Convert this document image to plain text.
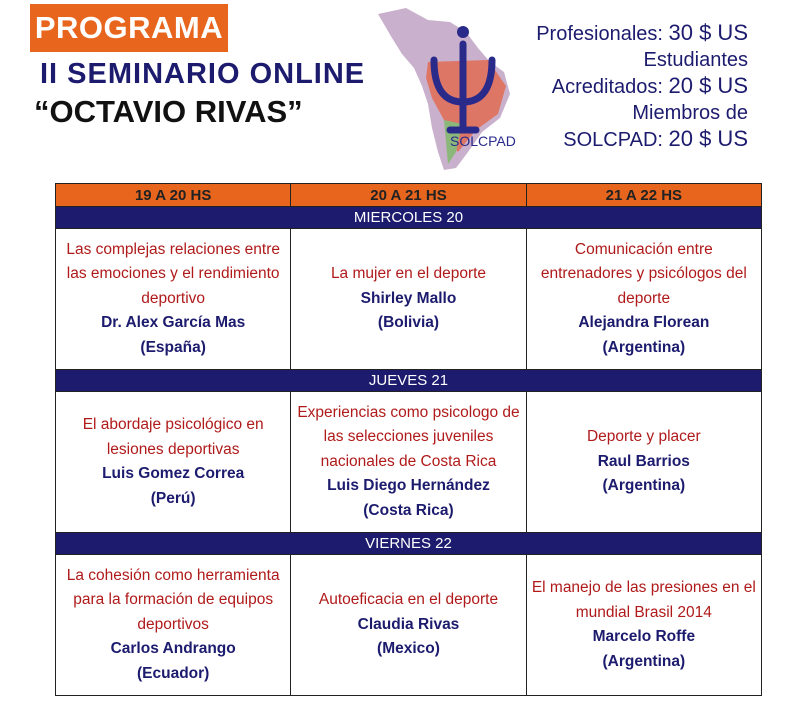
PROGRAMA
II SEMINARIO ONLINE
“OCTAVIO RIVAS”
SOLCPAD
Profesionales: 30 $ US
Estudiantes
Acreditados: 20 $ US
Miembros de
SOLCPAD: 20 $ US
19 A 20 HS	20 A 21 HS	21 A 22 HS
MIERCOLES 20		

Las complejas relaciones entre las emociones y el rendimiento deportivo
Dr. Alex García Mas
(España)	La mujer en el deporte
Shirley Mallo
(Bolivia)	Comunicación entre entrenadores y psicólogos del deporte
Alejandra Florean
(Argentina)

JUEVES 21		

El abordaje psicológico en lesiones deportivas
Luis Gomez Correa
(Perú)	Experiencias como psicologo de las selecciones juveniles nacionales de Costa Rica
Luis Diego Hernández
(Costa Rica)	Deporte y placer
Raul Barrios
(Argentina)

VIERNES 22		

La cohesión como herramienta para la formación de equipos deportivos
Carlos Andrango
(Ecuador)	Autoeficacia en el deporte
Claudia Rivas
(Mexico)	El manejo de las presiones en el mundial Brasil 2014
Marcelo Roffe
(Argentina)
